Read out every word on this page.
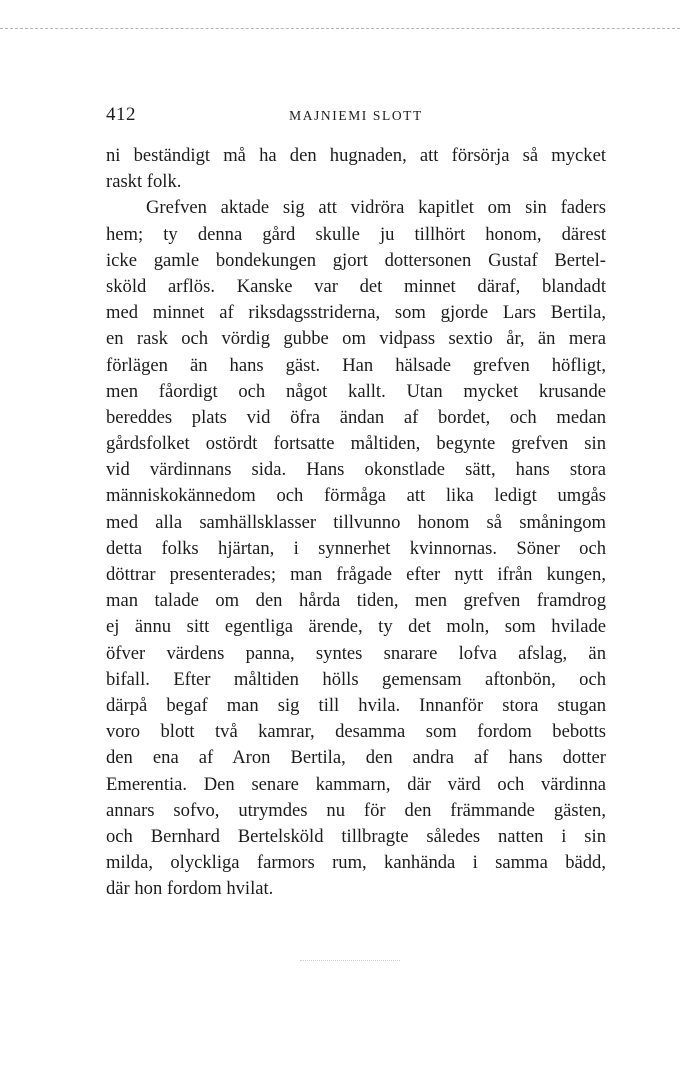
412	MAJNIEMI SLOTT
ni beständigt må ha den hugnaden, att försörja så mycket
raskt folk.
Grefven aktade sig att vidröra kapitlet om sin faders
hem; ty denna gård skulle ju tillhört honom, därest
icke gamle bondekungen gjort dottersonen Gustaf Bertel-
sköld arflös. Kanske var det minnet däraf, blandadt
med minnet af riksdagsstriderna, som gjorde Lars Bertila,
en rask och vördig gubbe om vidpass sextio år, än mera
förlägen än hans gäst. Han hälsade grefven höfligt,
men fåordigt och något kallt. Utan mycket krusande
bereddes plats vid öfra ändan af bordet, och medan
gårdsfolket ostördt fortsatte måltiden, begynte grefven sin
vid värdinnans sida. Hans okonstlade sätt, hans stora
människokännedom och förmåga att lika ledigt umgås
med alla samhällsklasser tillvunno honom så småningom
detta folks hjärtan, i synnerhet kvinnornas. Söner och
döttrar presenterades; man frågade efter nytt ifrån kungen,
man talade om den hårda tiden, men grefven framdrog
ej ännu sitt egentliga ärende, ty det moln, som hvilade
öfver värdens panna, syntes snarare lofva afslag, än
bifall. Efter måltiden hölls gemensam aftonbön, och
därpå begaf man sig till hvila. Innanför stora stugan
voro blott två kamrar, desamma som fordom bebotts
den ena af Aron Bertila, den andra af hans dotter
Emerentia. Den senare kammarn, där värd och värdinna
annars sofvo, utrymdes nu för den främmande gästen,
och Bernhard Bertelsköld tillbragte således natten i sin
milda, olyckliga farmors rum, kanhända i samma bädd,
där hon fordom hvilat.
